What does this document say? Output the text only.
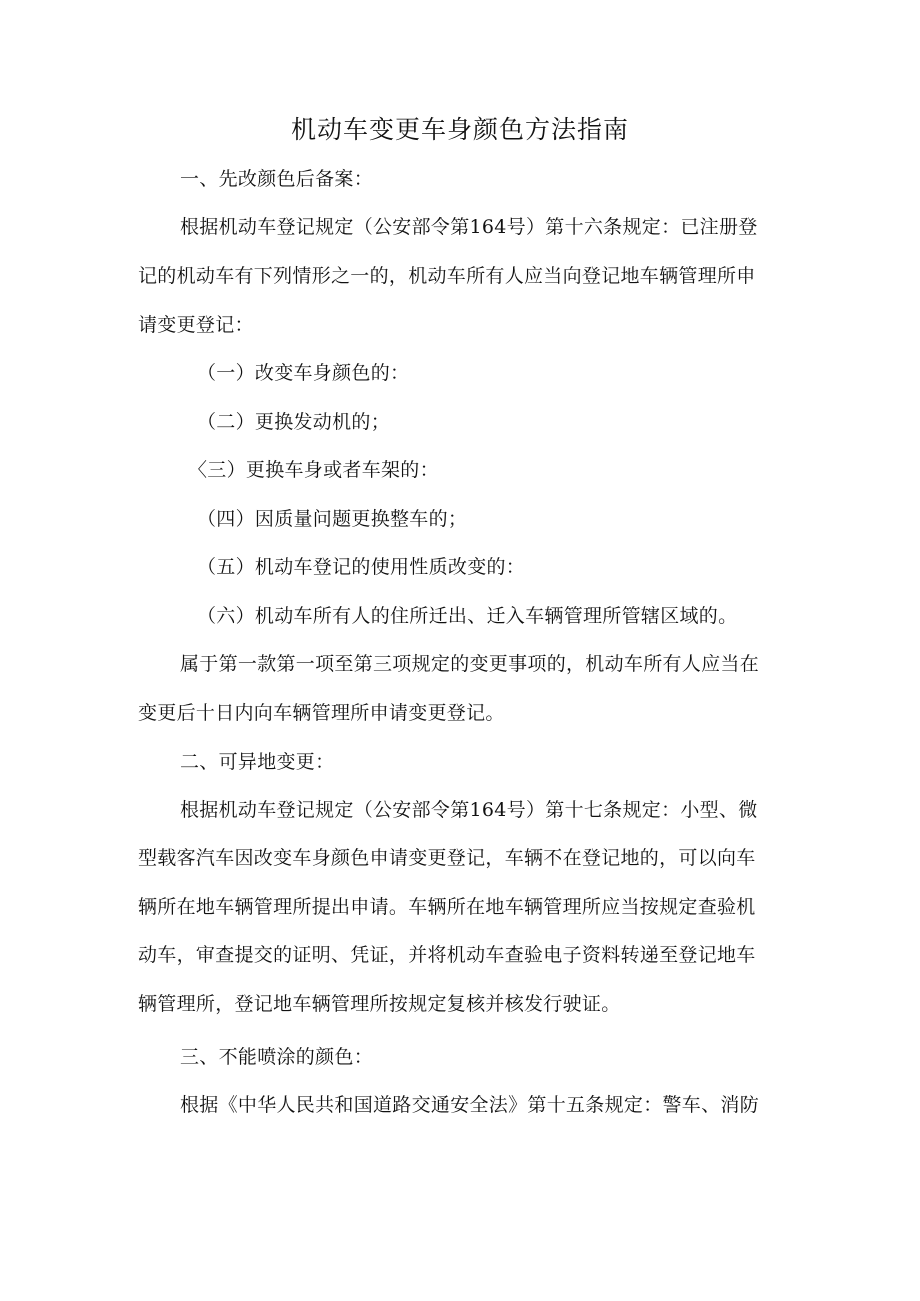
机动车变更车身颜色方法指南
一、先改颜色后备案：
根据机动车登记规定（公安部令第164号）第十六条规定：已注册登
记的机动车有下列情形之一的，机动车所有人应当向登记地车辆管理所申
请变更登记：
（一）改变车身颜色的：
（二）更换发动机的；
〈三）更换车身或者车架的：
（四）因质量问题更换整车的；
（五）机动车登记的使用性质改变的：
（六）机动车所有人的住所迁出、迁入车辆管理所管辖区域的。
属于第一款第一项至第三项规定的变更事项的，机动车所有人应当在
变更后十日内向车辆管理所申请变更登记。
二、可异地变更：
根据机动车登记规定（公安部令第164号）第十七条规定：小型、微
型载客汽车因改变车身颜色申请变更登记，车辆不在登记地的，可以向车
辆所在地车辆管理所提出申请。车辆所在地车辆管理所应当按规定查验机
动车，审查提交的证明、凭证，并将机动车查验电子资料转递至登记地车
辆管理所，登记地车辆管理所按规定复核并核发行驶证。
三、不能喷涂的颜色：
根据《中华人民共和国道路交通安全法》第十五条规定：警车、消防
